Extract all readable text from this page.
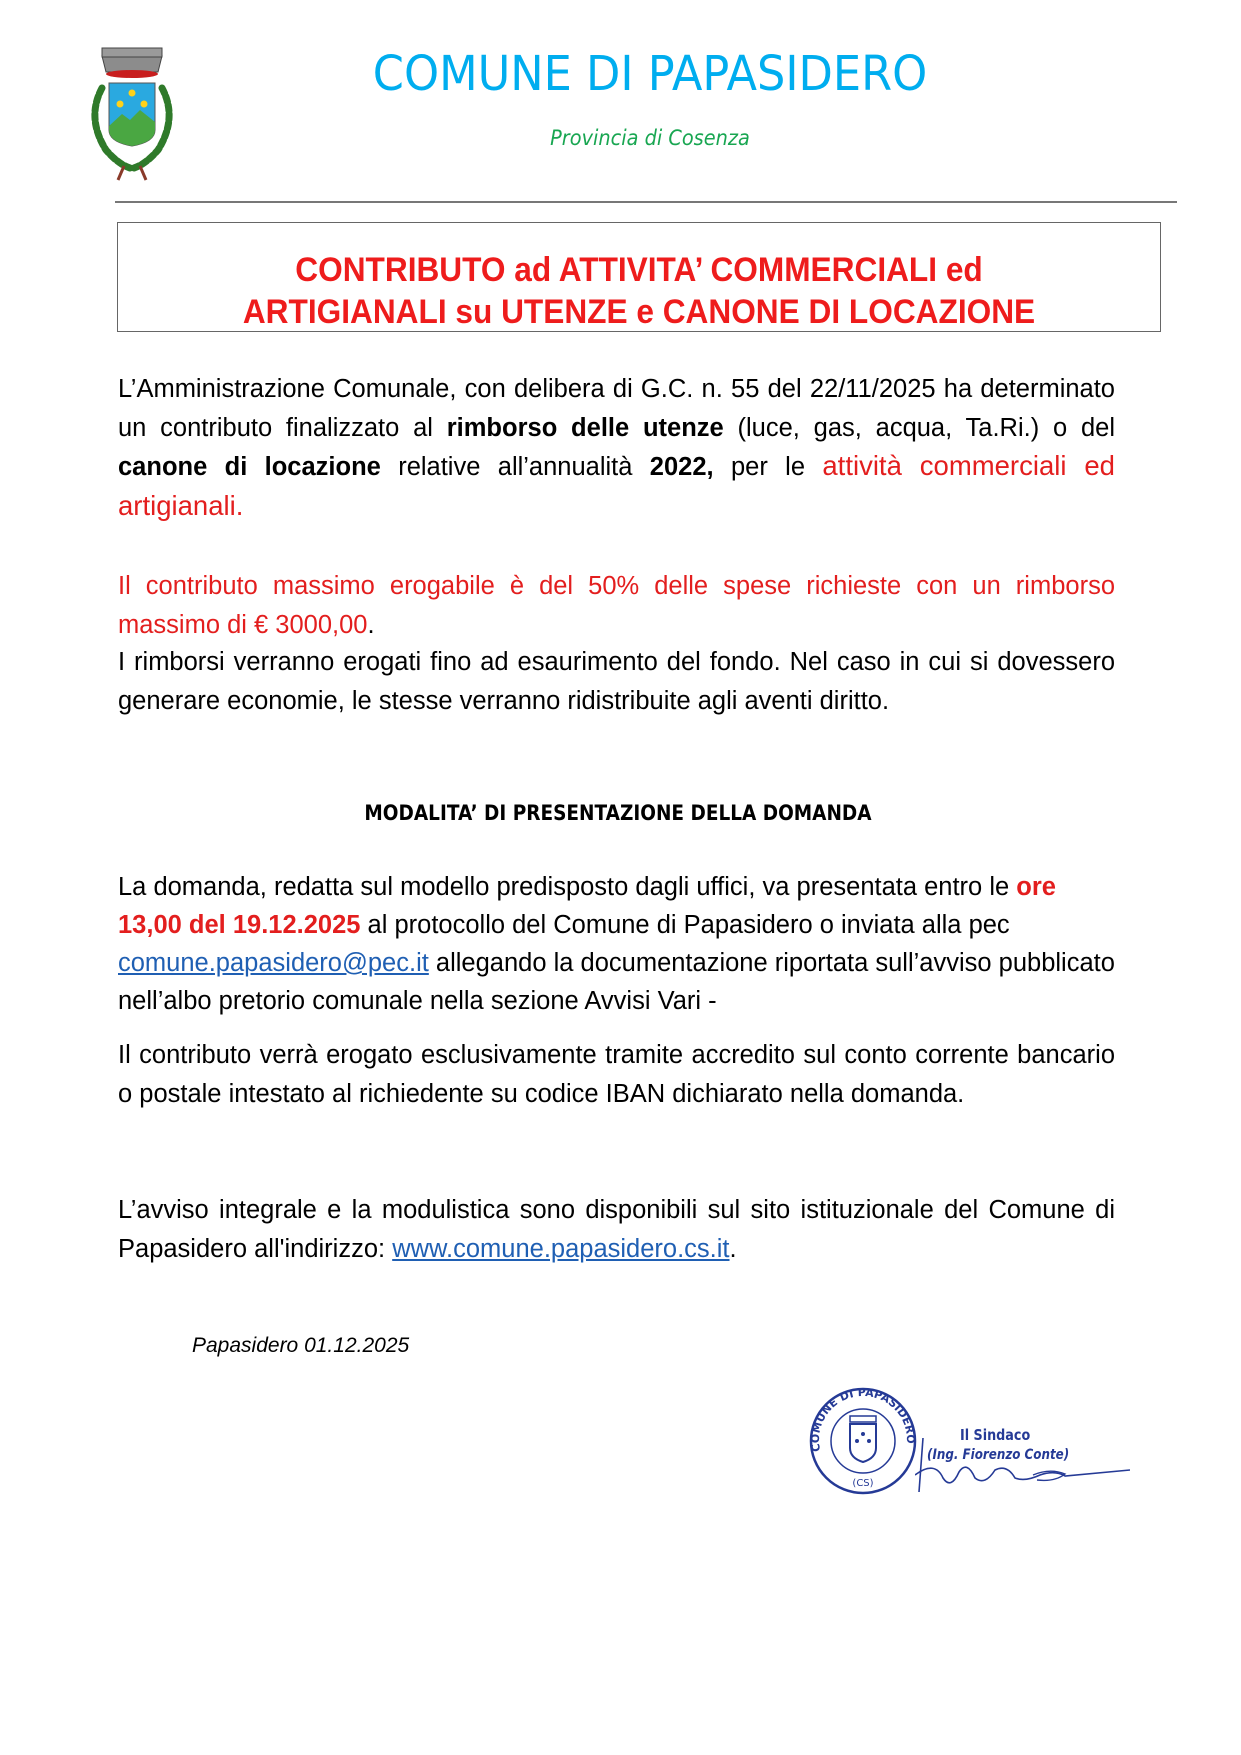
COMUNE DI PAPASIDERO
Provincia di Cosenza
CONTRIBUTO ad ATTIVITA’ COMMERCIALI ed
ARTIGIANALI su UTENZE e CANONE DI LOCAZIONE
L’Amministrazione Comunale, con delibera di G.C. n. 55 del 22/11/2025 ha determinato un contributo finalizzato al rimborso delle utenze (luce, gas, acqua, Ta.Ri.) o del canone di locazione relative all’annualità 2022, per le attività commerciali ed artigianali.
Il contributo massimo erogabile è del 50% delle spese richieste con un rimborso massimo di € 3000,00.
I rimborsi verranno erogati fino ad esaurimento del fondo. Nel caso in cui si dovessero generare economie, le stesse verranno ridistribuite agli aventi diritto.
MODALITA’ DI PRESENTAZIONE DELLA DOMANDA
La domanda, redatta sul modello predisposto dagli uffici, va presentata entro le ore 13,00 del 19.12.2025 al protocollo del Comune di Papasidero o inviata alla pec comune.papasidero@pec.it allegando la documentazione riportata sull’avviso pubblicato nell’albo pretorio comunale nella sezione Avvisi Vari -
Il contributo verrà erogato esclusivamente tramite accredito sul conto corrente bancario o postale intestato al richiedente su codice IBAN dichiarato nella domanda.
L’avviso integrale e la modulistica sono disponibili sul sito istituzionale del Comune di Papasidero all'indirizzo: www.comune.papasidero.cs.it.
Papasidero 01.12.2025
COMUNE DI PAPASIDERO
(CS)
Il Sindaco
(Ing. Fiorenzo Conte)
